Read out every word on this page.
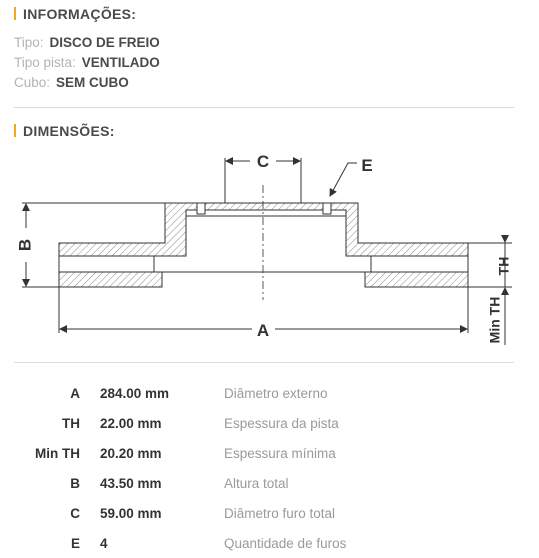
INFORMAÇÕES:
Tipo: DISCO DE FREIO
Tipo pista: VENTILADO
Cubo: SEM CUBO
DIMENSÕES:
C	E
B
TH
Min TH
A
A 284.00 mm	Diâmetro externo
TH 22.00 mm	Espessura da pista
Min TH 20.20 mm	Espessura mínima
B 43.50 mm	Altura total
C 59.00 mm	Diâmetro furo total
E 4	Quantidade de furos
